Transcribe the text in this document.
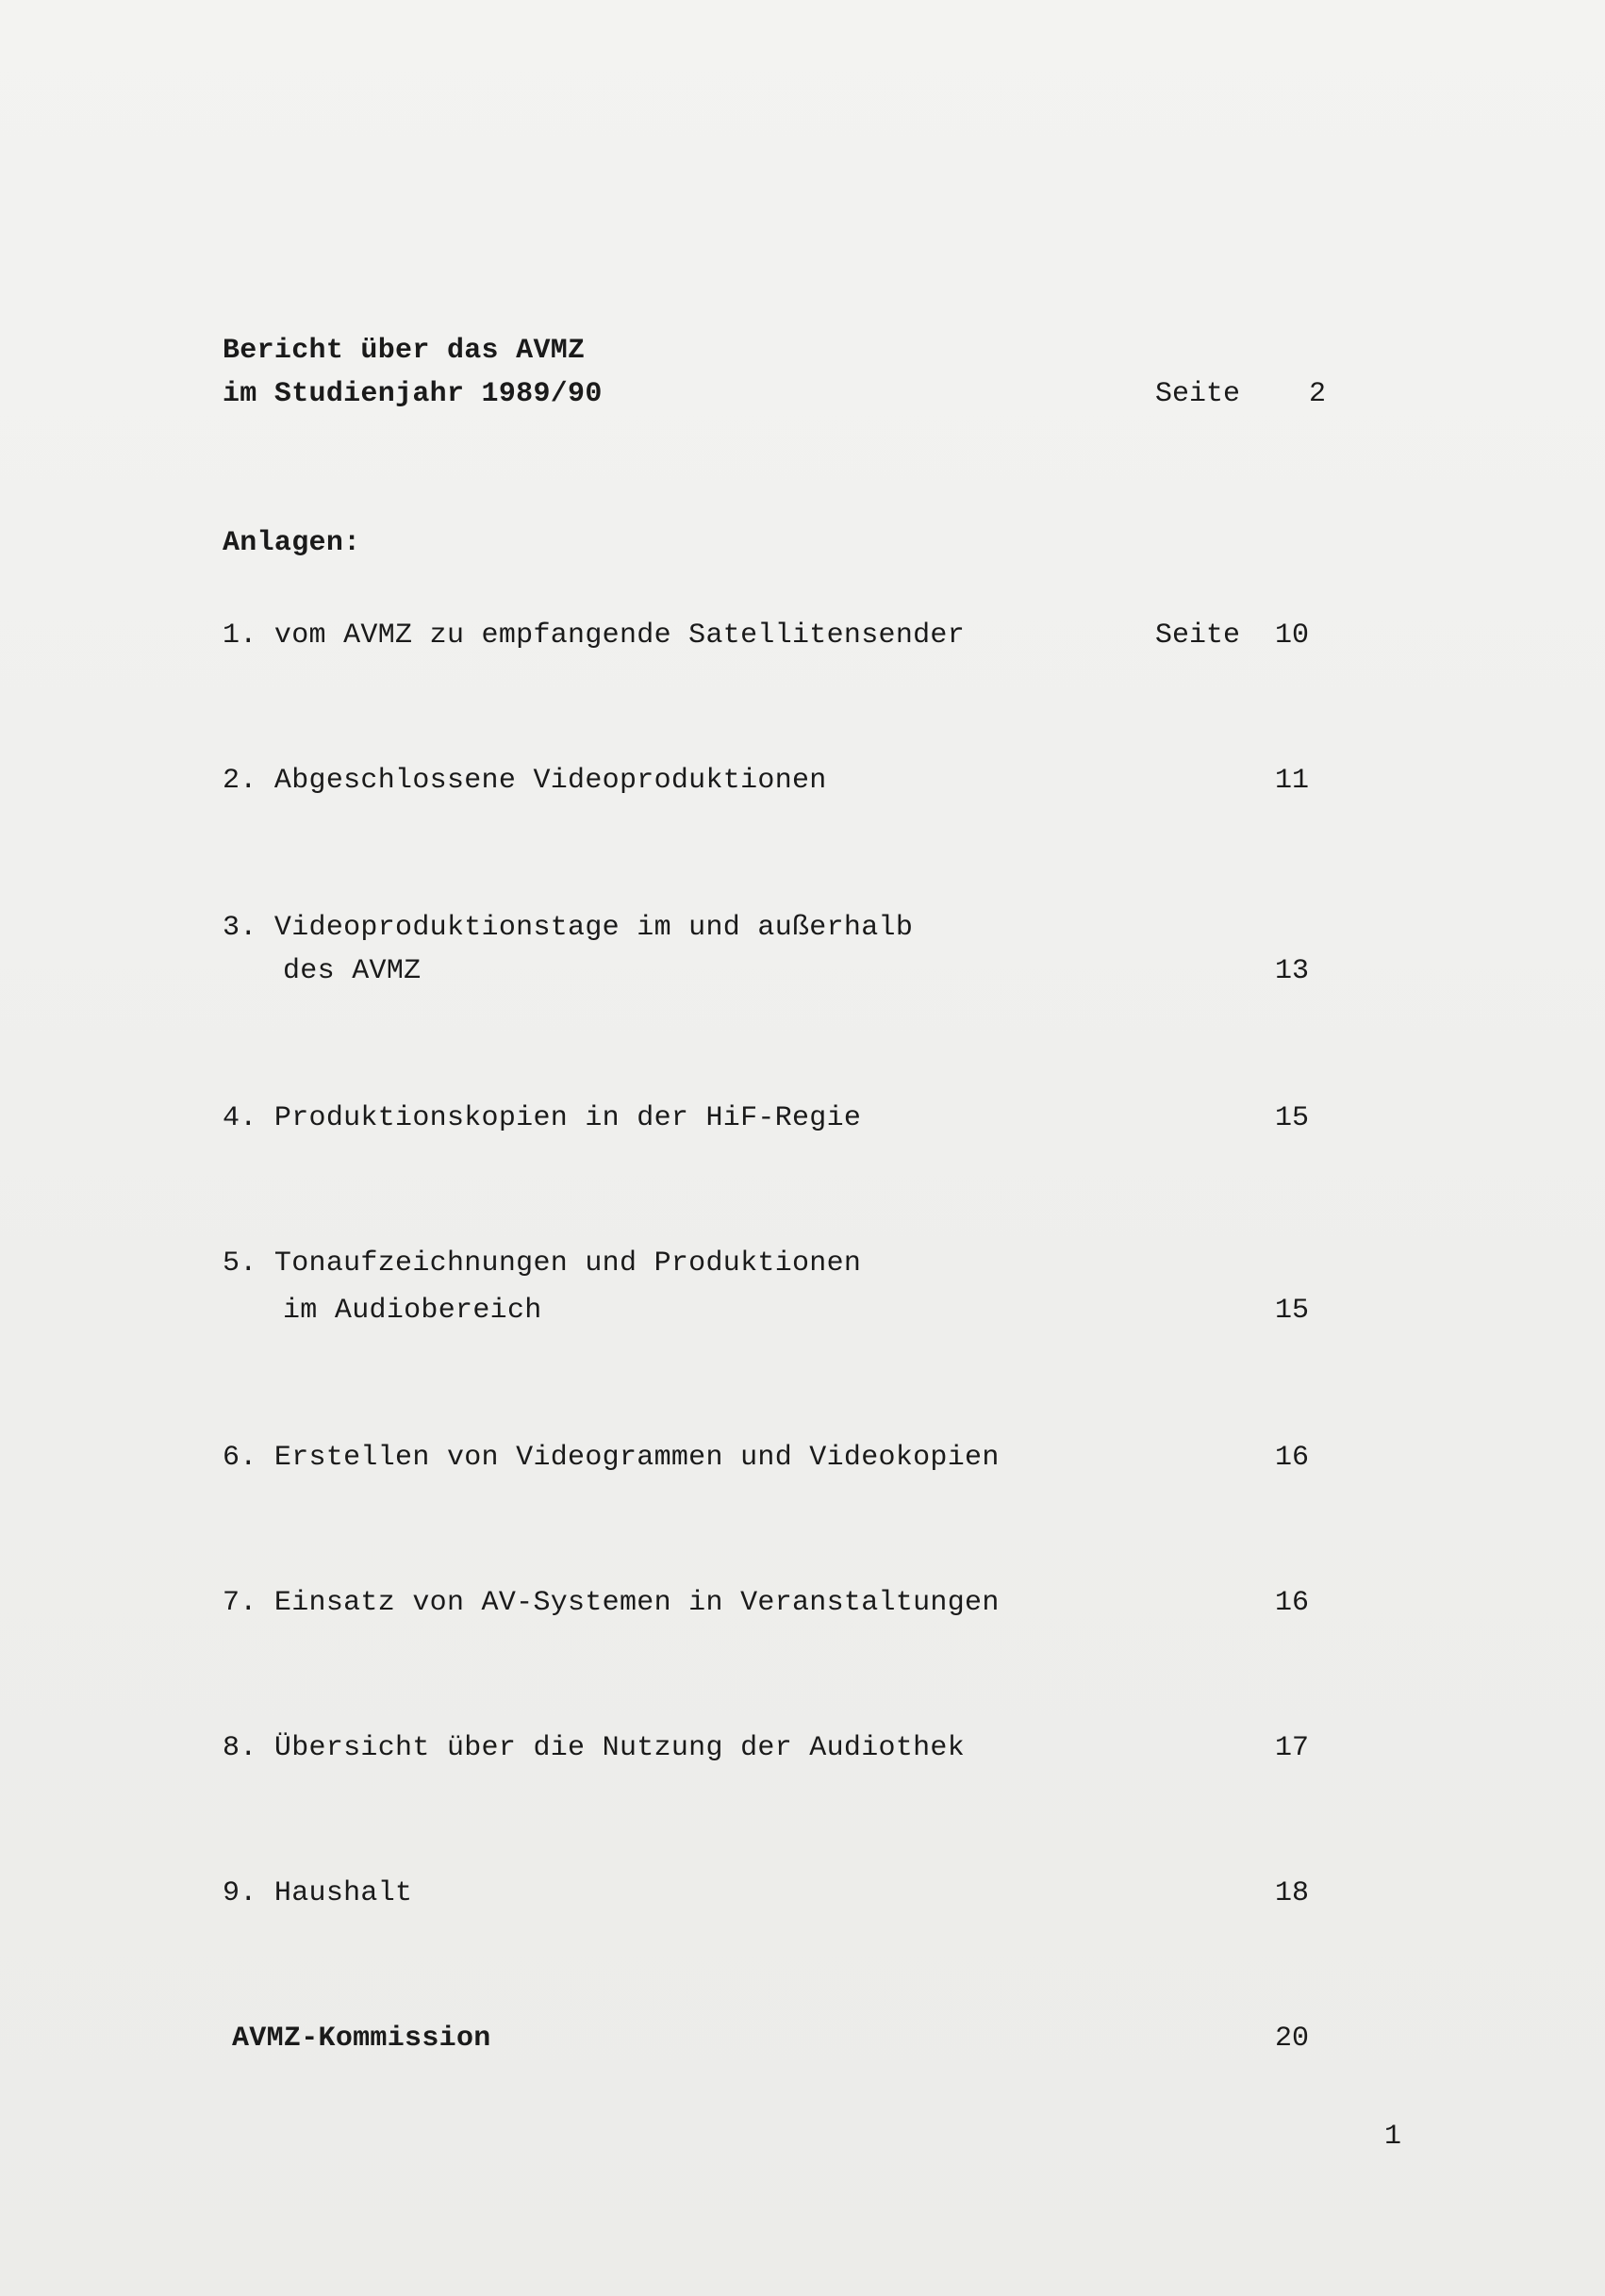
Bericht über das AVMZ
im Studienjahr 1989/90	Seite 2
Anlagen:
1. vom AVMZ zu empfangende Satellitensender	Seite 10
2. Abgeschlossene Videoproduktionen	11
3. Videoproduktionstage im und außerhalb
des AVMZ	13
4. Produktionskopien in der HiF-Regie	15
5. Tonaufzeichnungen und Produktionen
im Audiobereich	15
6. Erstellen von Videogrammen und Videokopien	16
7. Einsatz von AV-Systemen in Veranstaltungen	16
8. Übersicht über die Nutzung der Audiothek	17
9. Haushalt	18
AVMZ-Kommission	20
1
